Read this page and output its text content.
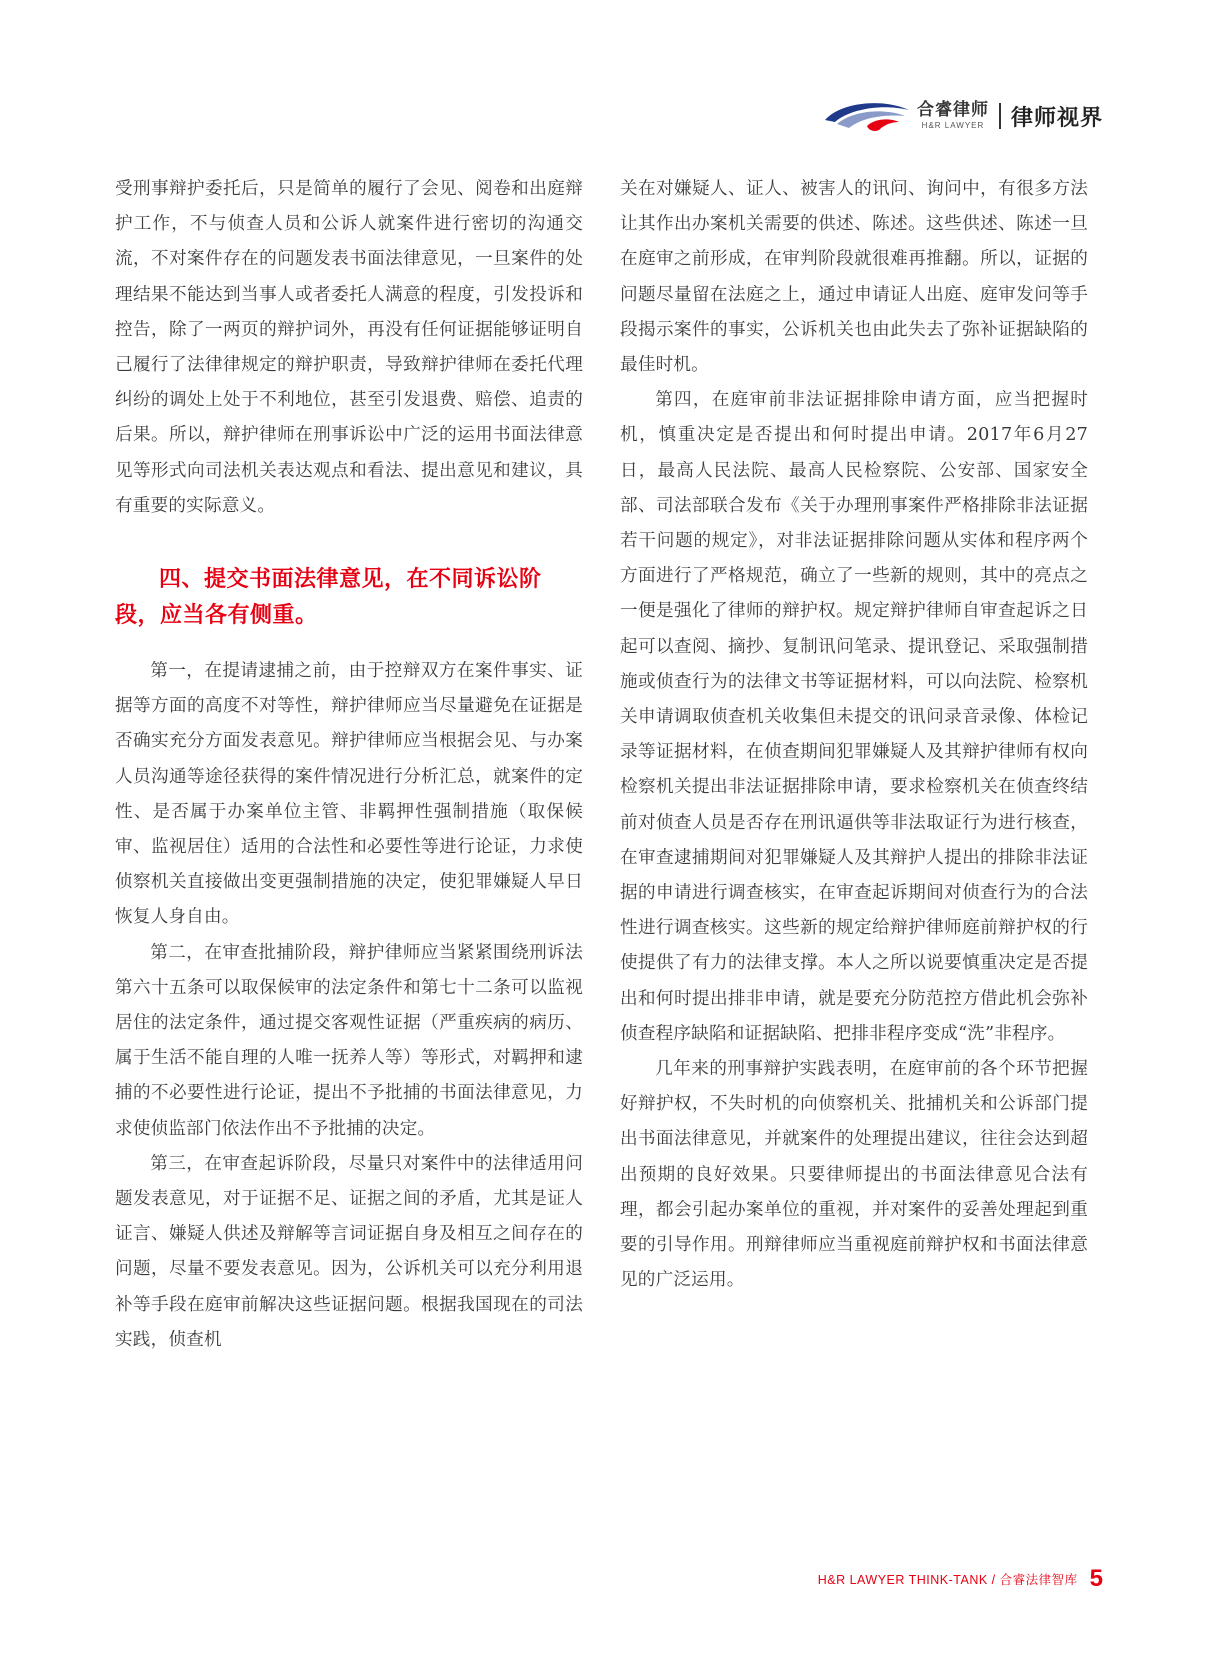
合睿律师
H&R LAWYER 律师视界

受刑事辩护委托后，只是简单的履行了会见、阅卷和出庭辩护工作，不与侦查人员和公诉人就案件进行密切的沟通交流，不对案件存在的问题发表书面法律意见，一旦案件的处理结果不能达到当事人或者委托人满意的程度，引发投诉和控告，除了一两页的辩护词外，再没有任何证据能够证明自己履行了法律律规定的辩护职责，导致辩护律师在委托代理纠纷的调处上处于不利地位，甚至引发退费、赔偿、追责的后果。所以，辩护律师在刑事诉讼中广泛的运用书面法律意见等形式向司法机关表达观点和看法、提出意见和建议，具有重要的实际意义。

四、提交书面法律意见，在不同诉讼阶段，应当各有侧重。

第一，在提请逮捕之前，由于控辩双方在案件事实、证据等方面的高度不对等性，辩护律师应当尽量避免在证据是否确实充分方面发表意见。辩护律师应当根据会见、与办案人员沟通等途径获得的案件情况进行分析汇总，就案件的定性、是否属于办案单位主管、非羁押性强制措施（取保候审、监视居住）适用的合法性和必要性等进行论证，力求使侦察机关直接做出变更强制措施的决定，使犯罪嫌疑人早日恢复人身自由。

第二，在审查批捕阶段，辩护律师应当紧紧围绕刑诉法第六十五条可以取保候审的法定条件和第七十二条可以监视居住的法定条件，通过提交客观性证据（严重疾病的病历、属于生活不能自理的人唯一抚养人等）等形式，对羁押和逮捕的不必要性进行论证，提出不予批捕的书面法律意见，力求使侦监部门依法作出不予批捕的决定。

第三，在审查起诉阶段，尽量只对案件中的法律适用问题发表意见，对于证据不足、证据之间的矛盾，尤其是证人证言、嫌疑人供述及辩解等言词证据自身及相互之间存在的问题，尽量不要发表意见。因为，公诉机关可以充分利用退补等手段在庭审前解决这些证据问题。根据我国现在的司法实践，侦查机

关在对嫌疑人、证人、被害人的讯问、询问中，有很多方法让其作出办案机关需要的供述、陈述。这些供述、陈述一旦在庭审之前形成，在审判阶段就很难再推翻。所以，证据的问题尽量留在法庭之上，通过申请证人出庭、庭审发问等手段揭示案件的事实，公诉机关也由此失去了弥补证据缺陷的最佳时机。

第四，在庭审前非法证据排除申请方面，应当把握时机，慎重决定是否提出和何时提出申请。2017年6月27日，最高人民法院、最高人民检察院、公安部、国家安全部、司法部联合发布《关于办理刑事案件严格排除非法证据若干问题的规定》，对非法证据排除问题从实体和程序两个方面进行了严格规范，确立了一些新的规则，其中的亮点之一便是强化了律师的辩护权。规定辩护律师自审查起诉之日起可以查阅、摘抄、复制讯问笔录、提讯登记、采取强制措施或侦查行为的法律文书等证据材料，可以向法院、检察机关申请调取侦查机关收集但未提交的讯问录音录像、体检记录等证据材料，在侦查期间犯罪嫌疑人及其辩护律师有权向检察机关提出非法证据排除申请，要求检察机关在侦查终结前对侦查人员是否存在刑讯逼供等非法取证行为进行核查，在审查逮捕期间对犯罪嫌疑人及其辩护人提出的排除非法证据的申请进行调查核实，在审查起诉期间对侦查行为的合法性进行调查核实。这些新的规定给辩护律师庭前辩护权的行使提供了有力的法律支撑。本人之所以说要慎重决定是否提出和何时提出排非申请，就是要充分防范控方借此机会弥补侦查程序缺陷和证据缺陷、把排非程序变成“洗”非程序。

几年来的刑事辩护实践表明，在庭审前的各个环节把握好辩护权，不失时机的向侦察机关、批捕机关和公诉部门提出书面法律意见，并就案件的处理提出建议，往往会达到超出预期的良好效果。只要律师提出的书面法律意见合法有理，都会引起办案单位的重视，并对案件的妥善处理起到重要的引导作用。刑辩律师应当重视庭前辩护权和书面法律意见的广泛运用。

H&R LAWYER THINK-TANK / 合睿法律智库 5
